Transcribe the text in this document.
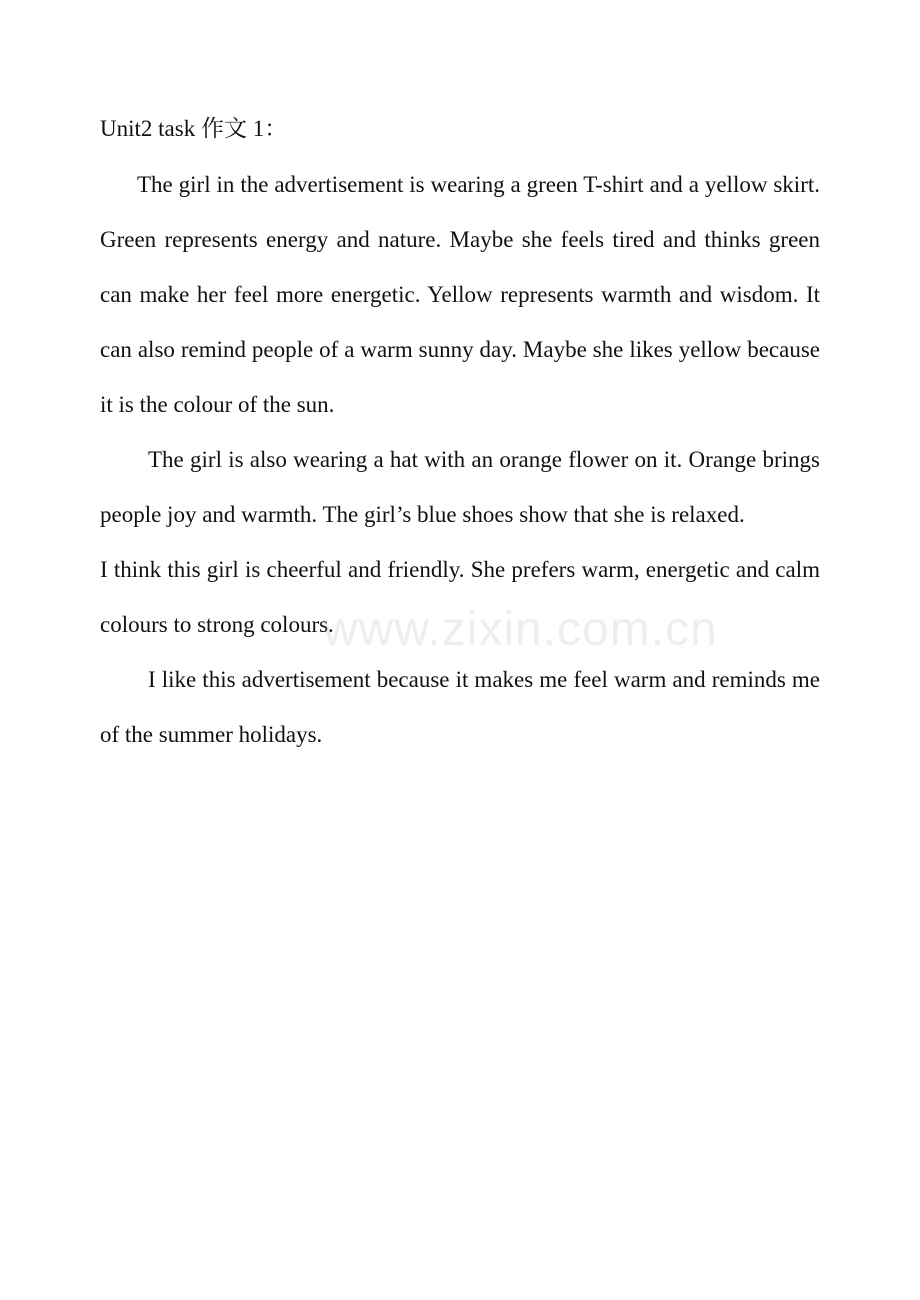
Unit2 task 作文 1：

The girl in the advertisement is wearing a green T-shirt and a yellow skirt. Green represents energy and nature. Maybe she feels tired and thinks green can make her feel more energetic. Yellow represents warmth and wisdom. It can also remind people of a warm sunny day. Maybe she likes yellow because it is the colour of the sun.

The girl is also wearing a hat with an orange flower on it. Orange brings people joy and warmth. The girl’s blue shoes show that she is relaxed.

I think this girl is cheerful and friendly. She prefers warm, energetic and calm colours to strong colours.

I like this advertisement because it makes me feel warm and reminds me of the summer holidays.

www.zixin.com.cn
